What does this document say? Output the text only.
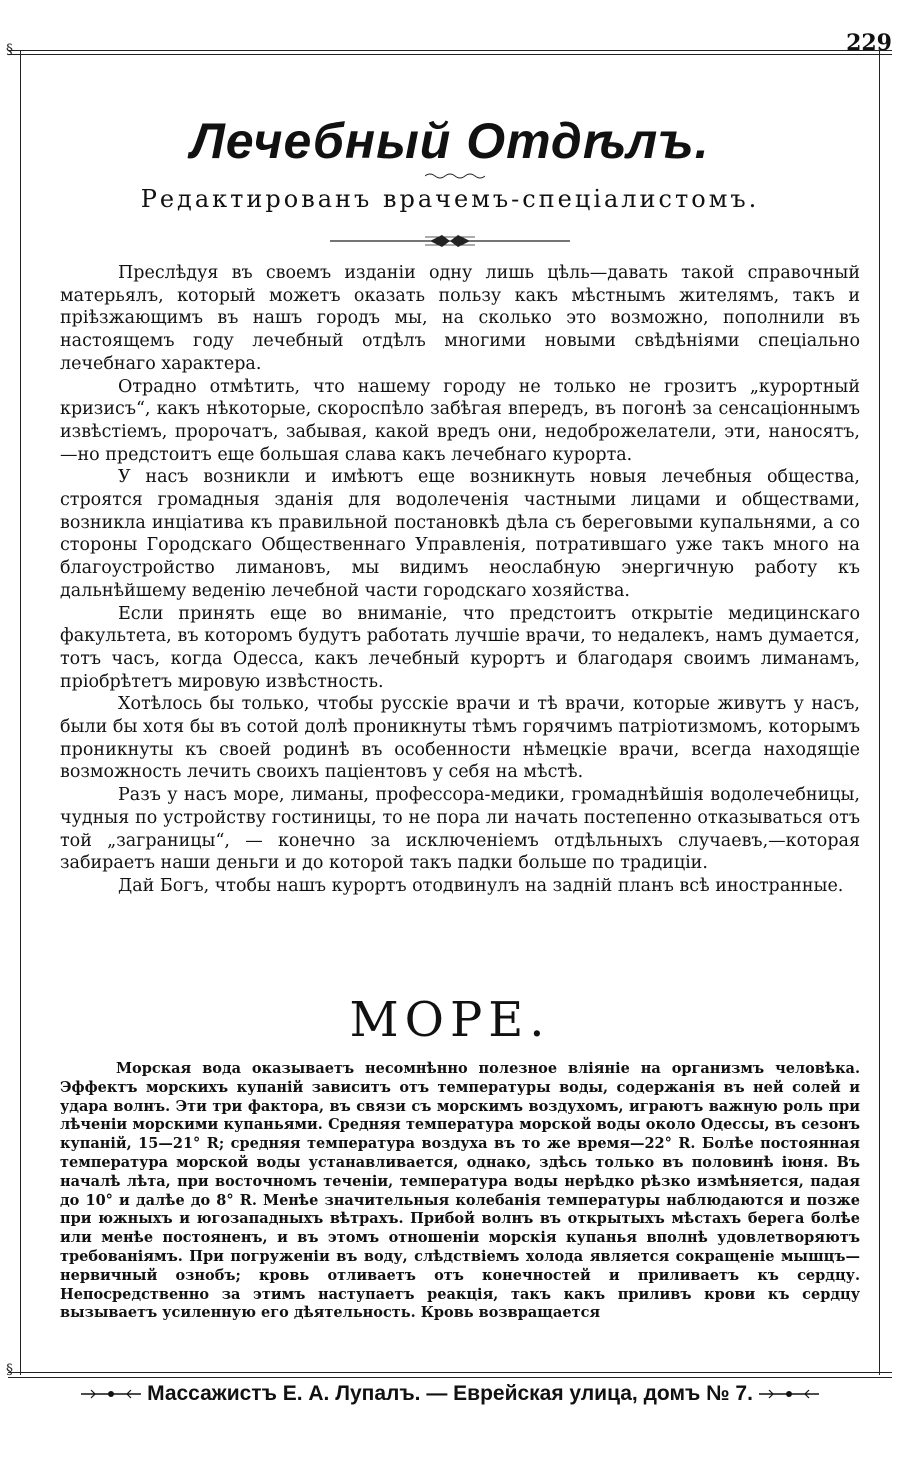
§
§
229
Лечебный Отдѣлъ.
Редактированъ врачемъ-спеціалистомъ.

Преслѣдуя въ своемъ изданіи одну лишь цѣль—давать такой справочный матерьялъ, который можетъ оказать пользу какъ мѣстнымъ жителямъ, такъ и пріѣзжающимъ въ нашъ городъ мы, на сколько это возможно, пополнили въ настоящемъ году лечебный отдѣлъ многими новыми свѣдѣніями спеціально лечебнаго характера.

Отрадно отмѣтить, что нашему городу не только не грозитъ „курортный кризисъ“, какъ нѣкоторые, скороспѣло забѣгая впередъ, въ погонѣ за сенсаціоннымъ извѣстіемъ, пророчатъ, забывая, какой вредъ они, недоброжелатели, эти, наносятъ,—но предстоитъ еще большая слава какъ лечебнаго курорта.

У насъ возникли и имѣютъ еще возникнуть новыя лечебныя общества, строятся громадныя зданія для водолеченія частными лицами и обществами, возникла инціатива къ правильной постановкѣ дѣла съ береговыми купальнями, а со стороны Городскаго Общественнаго Управленія, потратившаго уже такъ много на благоустройство лимановъ, мы видимъ неослабную энергичную работу къ дальнѣйшему веденію лечебной части городскаго хозяйства.

Если принять еще во вниманіе, что предстоитъ открытіе медицинскаго факультета, въ которомъ будутъ работать лучшіе врачи, то недалекъ, намъ думается, тотъ часъ, когда Одесса, какъ лечебный курортъ и благодаря своимъ лиманамъ, пріобрѣтетъ мировую извѣстность.

Хотѣлось бы только, чтобы русскіе врачи и тѣ врачи, которые живутъ у насъ, были бы хотя бы въ сотой долѣ проникнуты тѣмъ горячимъ патріотизмомъ, которымъ проникнуты къ своей родинѣ въ особенности нѣмецкіе врачи, всегда находящіе возможность лечить своихъ паціентовъ у себя на мѣстѣ.

Разъ у насъ море, лиманы, профессора-медики, громаднѣйшія водолечебницы, чудныя по устройству гостиницы, то не пора ли начать постепенно отказываться отъ той „заграницы“, — конечно за исключеніемъ отдѣльныхъ случаевъ,—которая забираетъ наши деньги и до которой такъ падки больше по традиціи.

Дай Богъ, чтобы нашъ курортъ отодвинулъ на задній планъ всѣ иностранные.

МОРЕ.

Морская вода оказываетъ несомнѣнно полезное вліяніе на организмъ человѣка. Эффектъ морскихъ купаній зависитъ отъ температуры воды, содержанія въ ней солей и удара волнъ. Эти три фактора, въ связи съ морскимъ воздухомъ, играютъ важную роль при лѣченіи морскими купаньями. Средняя температура морской воды около Одессы, въ сезонъ купаній, 15—21° R; средняя температура воздуха въ то же время—22° R. Болѣе постоянная температура морской воды устанавливается, однако, здѣсь только въ половинѣ іюня. Въ началѣ лѣта, при восточномъ теченіи, температура воды нерѣдко рѣзко измѣняется, падая до 10° и далѣе до 8° R. Менѣе значительныя колебанія температуры наблюдаются и позже при южныхъ и югозападныхъ вѣтрахъ. Прибой волнъ въ открытыхъ мѣстахъ берега болѣе или менѣе постояненъ, и въ этомъ отношеніи морскія купанья вполнѣ удовлетворяютъ требованіямъ. При погруженіи въ воду, слѣдствіемъ холода является сокращеніе мышцъ—нервичный ознобъ; кровь отливаетъ отъ конечностей и приливаетъ къ сердцу. Непосредственно за этимъ наступаетъ реакція, такъ какъ приливъ крови къ сердцу вызываетъ усиленную его дѣятельность. Кровь возвращается

Массажистъ Е. А. Лупалъ. — Еврейская улица, домъ № 7.
